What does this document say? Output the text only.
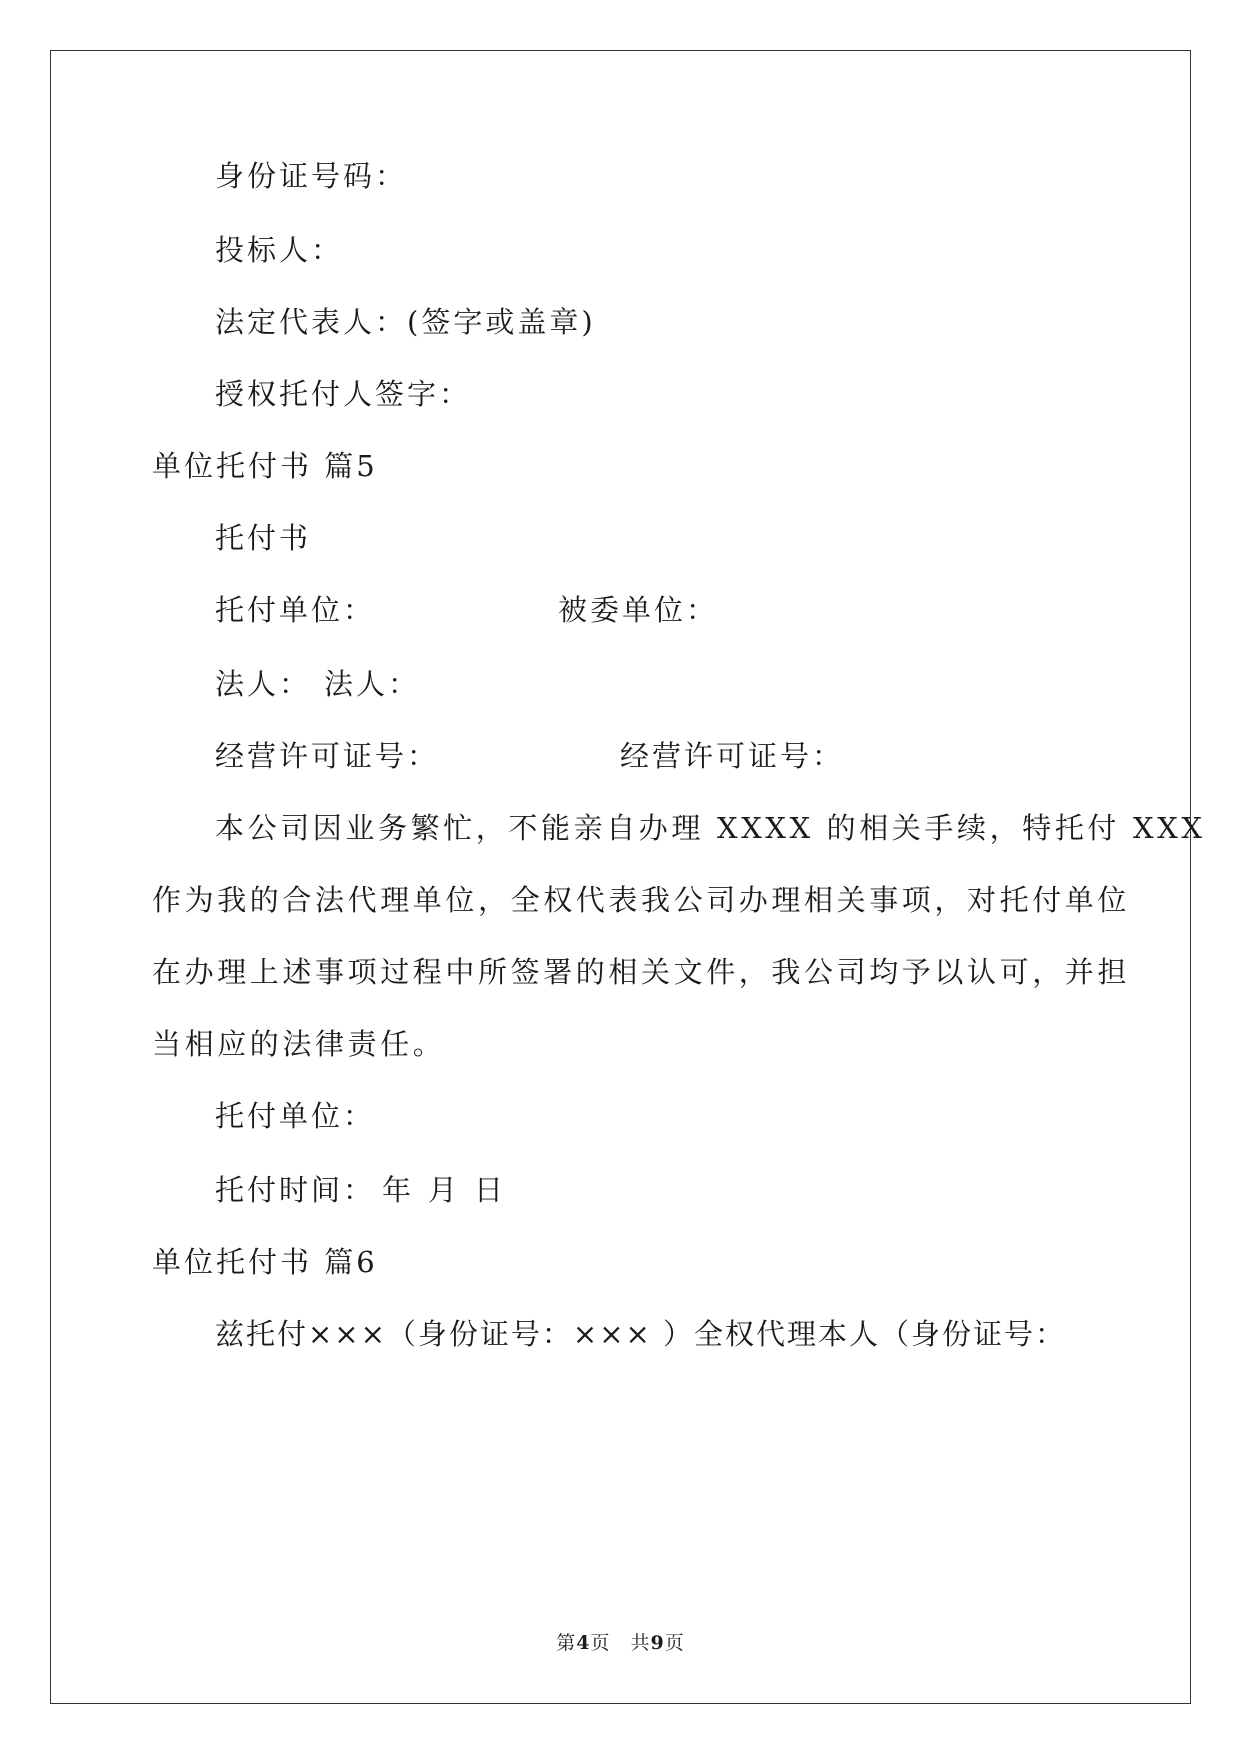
身份证号码：
投标人：
法定代表人：(签字或盖章)
授权托付人签字：
单位托付书 篇5
托付书
托付单位：	被委单位：
法人： 法人：
经营许可证号：	经营许可证号：
本公司因业务繁忙，不能亲自办理 XXXX 的相关手续，特托付 XXX
作为我的合法代理单位，全权代表我公司办理相关事项，对托付单位
在办理上述事项过程中所签署的相关文件，我公司均予以认可，并担
当相应的法律责任。
托付单位：
托付时间： 年 月 日
单位托付书 篇6
兹托付×××（身份证号：××× ）全权代理本人（身份证号：
第4页　共9页
